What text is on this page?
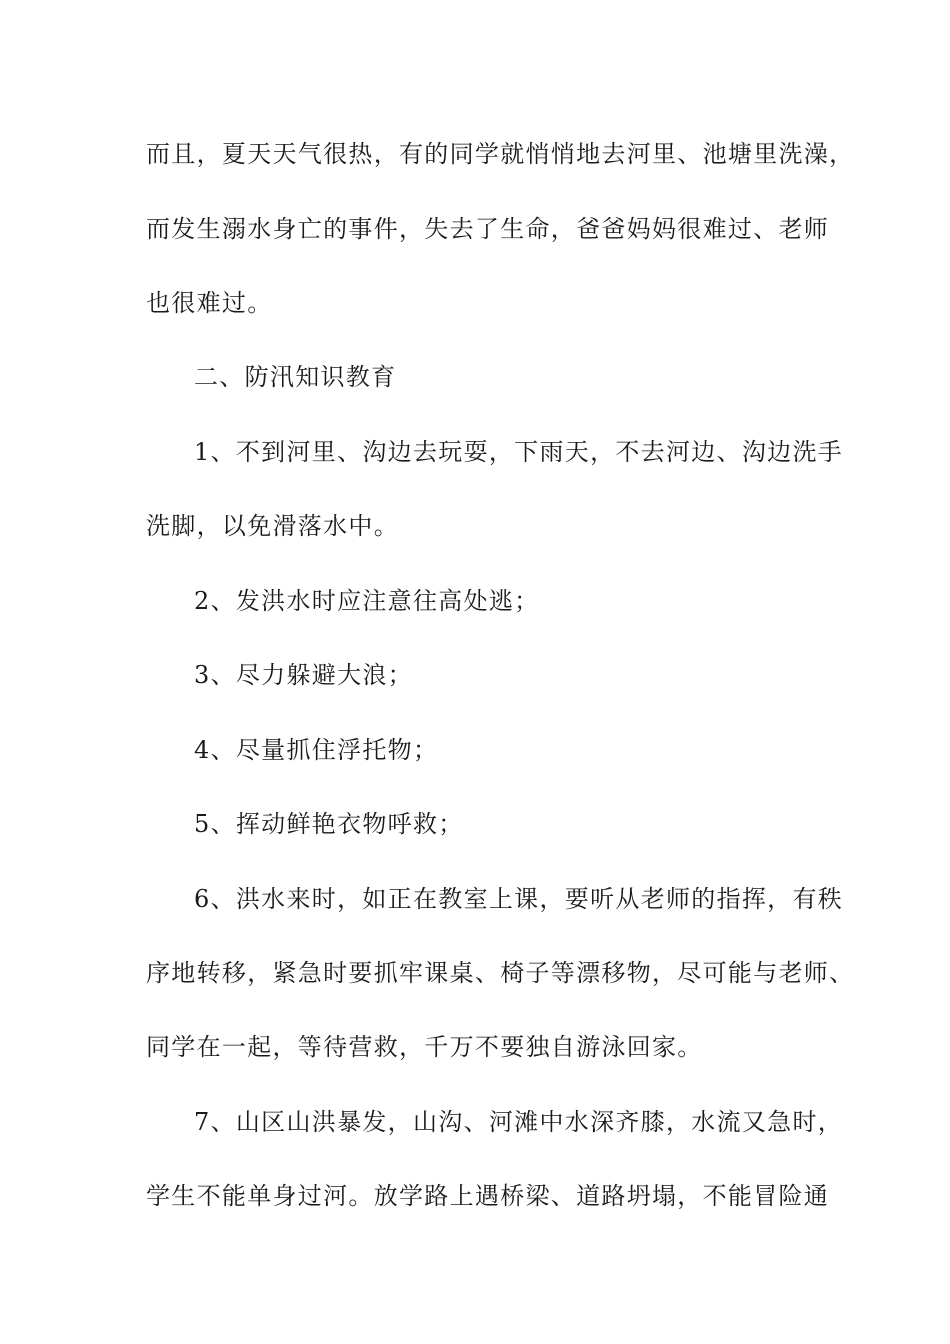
而且，夏天天气很热，有的同学就悄悄地去河里、池塘里洗澡，
而发生溺水身亡的事件，失去了生命，爸爸妈妈很难过、老师
也很难过。
二、防汛知识教育
1、不到河里、沟边去玩耍，下雨天，不去河边、沟边洗手
洗脚，以免滑落水中。
2、发洪水时应注意往高处逃；
3、尽力躲避大浪；
4、尽量抓住浮托物；
5、挥动鲜艳衣物呼救；
6、洪水来时，如正在教室上课，要听从老师的指挥，有秩
序地转移，紧急时要抓牢课桌、椅子等漂移物，尽可能与老师、
同学在一起，等待营救，千万不要独自游泳回家。
7、山区山洪暴发，山沟、河滩中水深齐膝，水流又急时，
学生不能单身过河。放学路上遇桥梁、道路坍塌，不能冒险通
